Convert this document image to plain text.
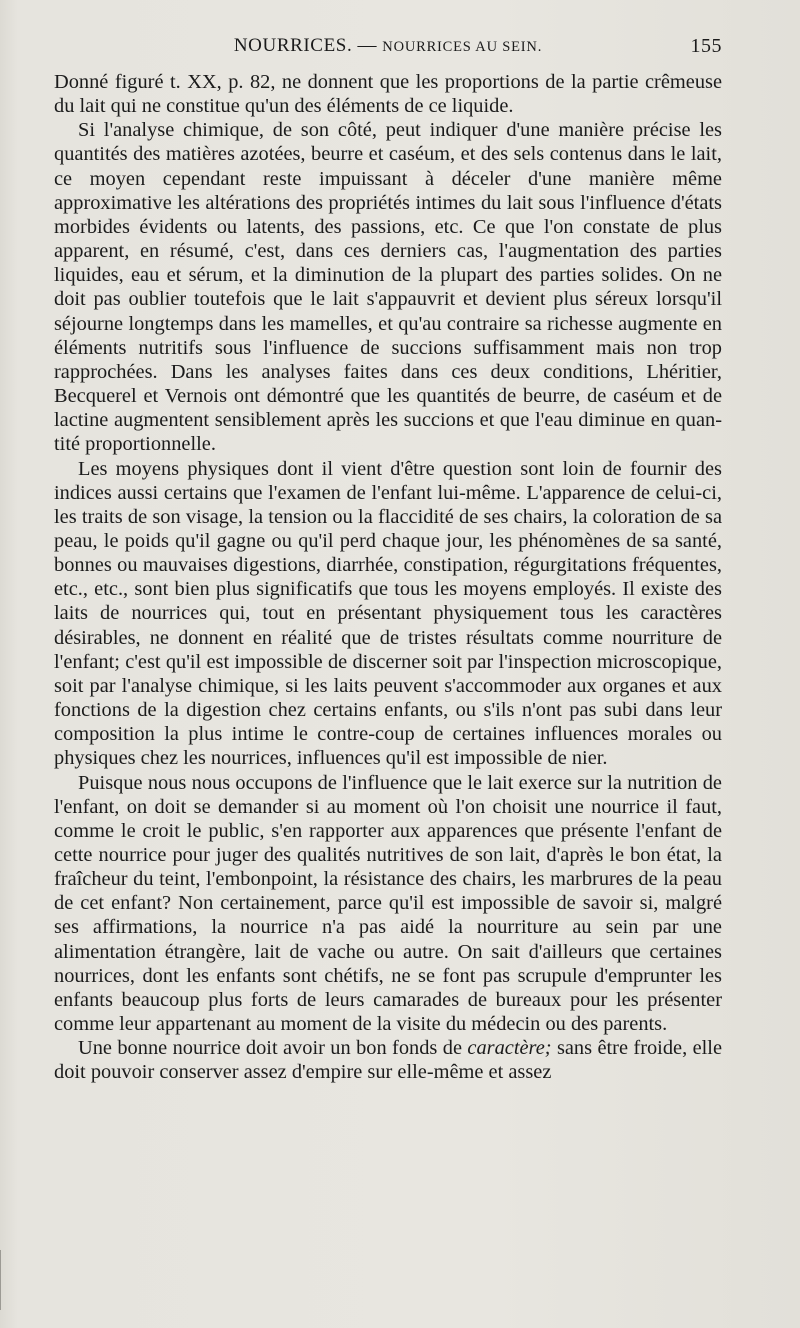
NOURRICES. — NOURRICES AU SEIN.	155

Donné figuré t. XX, p. 82, ne donnent que les proportions de la partie crêmeuse du lait qui ne constitue qu'un des éléments de ce liquide.

Si l'analyse chimique, de son côté, peut indiquer d'une manière précise les quantités des matières azotées, beurre et caséum, et des sels contenus dans le lait, ce moyen cependant reste impuissant à déceler d'une manière même approximative les altérations des propriétés intimes du lait sous l'influence d'états morbides évidents ou latents, des passions, etc. Ce que l'on constate de plus apparent, en résumé, c'est, dans ces derniers cas, l'augmentation des parties liquides, eau et sérum, et la diminution de la plupart des parties solides. On ne doit pas oublier toutefois que le lait s'appauvrit et devient plus séreux lorsqu'il séjourne longtemps dans les mamelles, et qu'au contraire sa richesse augmente en éléments nutritifs sous l'influence de succions suffisamment mais non trop rapprochées. Dans les analyses faites dans ces deux conditions, Lhéritier, Becquerel et Vernois ont démontré que les quantités de beurre, de caséum et de lactine augmentent sensiblement après les succions et que l'eau diminue en quantité proportionnelle.

Les moyens physiques dont il vient d'être question sont loin de fournir des indices aussi certains que l'examen de l'enfant lui-même. L'apparence de celui-ci, les traits de son visage, la tension ou la flaccidité de ses chairs, la coloration de sa peau, le poids qu'il gagne ou qu'il perd chaque jour, les phénomènes de sa santé, bonnes ou mauvaises digestions, diarrhée, constipation, régurgitations fréquentes, etc., etc., sont bien plus significatifs que tous les moyens employés. Il existe des laits de nourrices qui, tout en présentant physiquement tous les caractères désirables, ne donnent en réalité que de tristes résultats comme nourriture de l'enfant; c'est qu'il est impossible de discerner soit par l'inspection microscopique, soit par l'analyse chimique, si les laits peuvent s'accommoder aux organes et aux fonctions de la digestion chez certains enfants, ou s'ils n'ont pas subi dans leur composition la plus intime le contre-coup de certaines influences morales ou physiques chez les nourrices, influences qu'il est impossible de nier.

Puisque nous nous occupons de l'influence que le lait exerce sur la nutrition de l'enfant, on doit se demander si au moment où l'on choisit une nourrice il faut, comme le croit le public, s'en rapporter aux apparences que présente l'enfant de cette nourrice pour juger des qualités nutritives de son lait, d'après le bon état, la fraîcheur du teint, l'embonpoint, la résistance des chairs, les marbrures de la peau de cet enfant? Non certainement, parce qu'il est impossible de savoir si, malgré ses affirmations, la nourrice n'a pas aidé la nourriture au sein par une alimentation étrangère, lait de vache ou autre. On sait d'ailleurs que certaines nourrices, dont les enfants sont chétifs, ne se font pas scrupule d'emprunter les enfants beaucoup plus forts de leurs camarades de bureaux pour les présenter comme leur appartenant au moment de la visite du médecin ou des parents.

Une bonne nourrice doit avoir un bon fonds de caractère; sans être froide, elle doit pouvoir conserver assez d'empire sur elle-même et assez
